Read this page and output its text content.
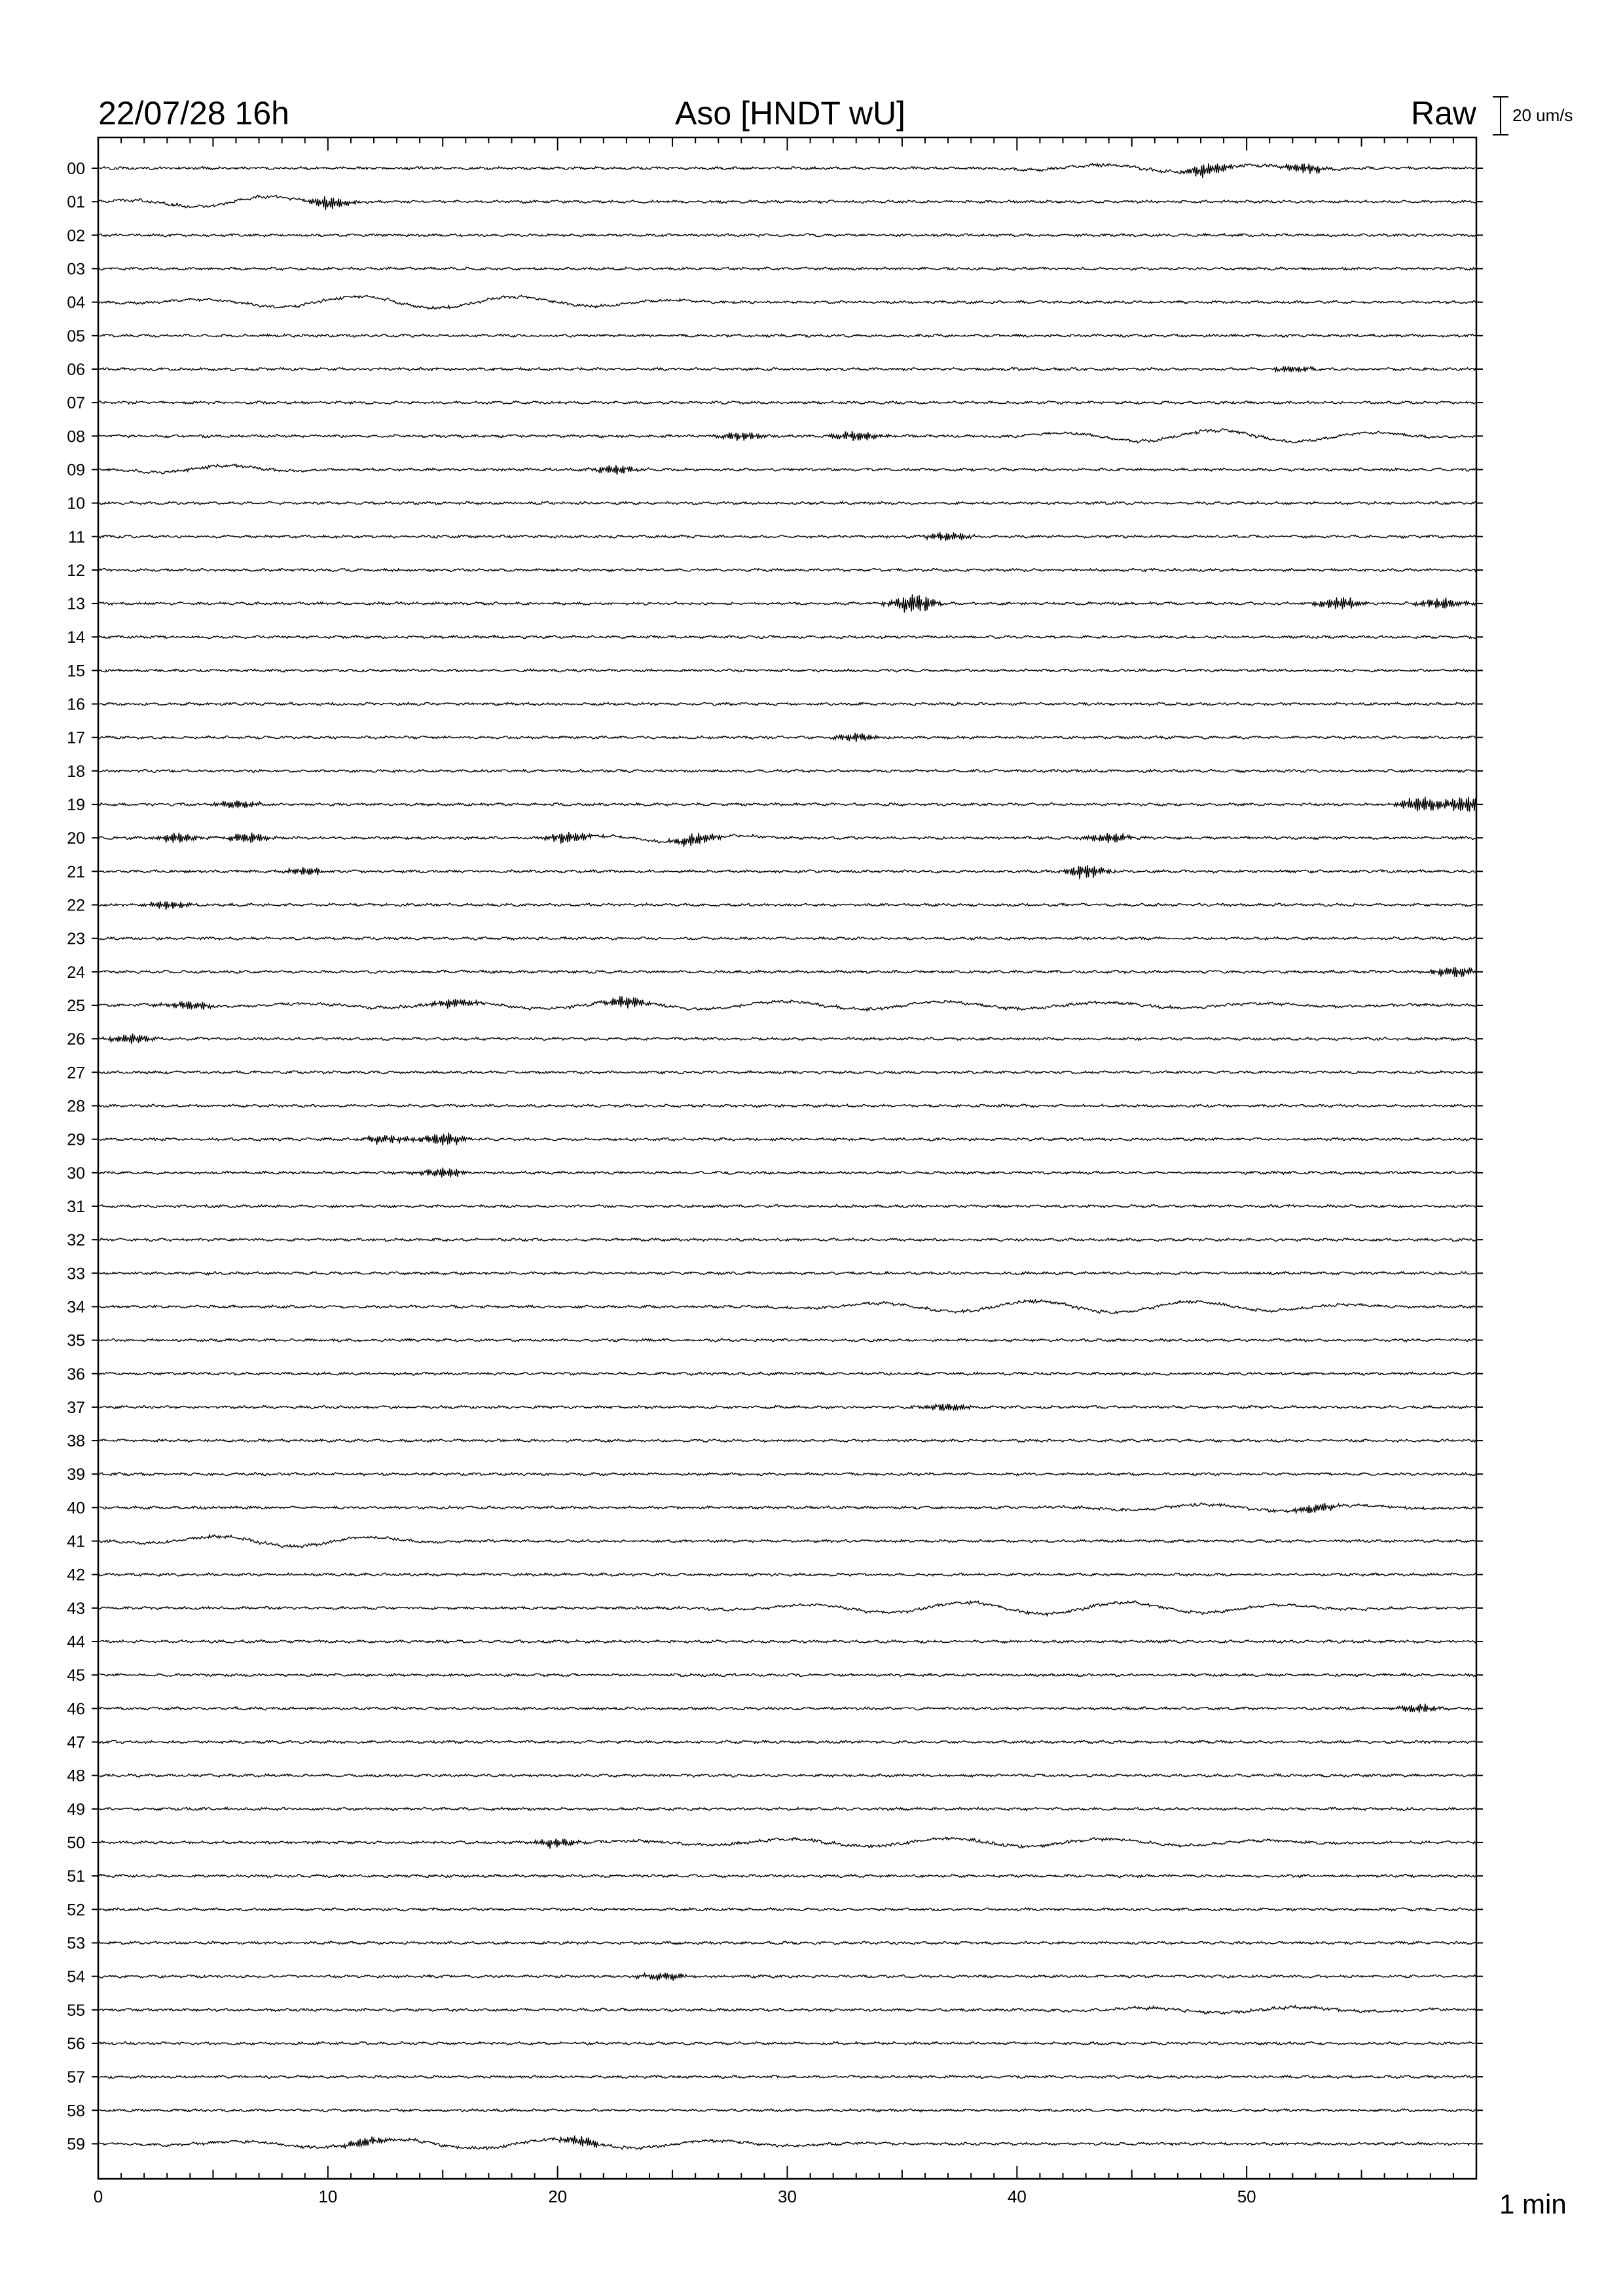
22/07/28 16h	Aso [HNDT wU]	Raw 20 um/s
0	10	20	30	40	50
00
01
02
03
04
05
06
07
08
09
10
11
12
13
14
15
16
17
18
19
20
21
22
23
24
25
26
27
28
29
30
31
32
33
34
35
36
37
38
39
40
41
42
43
44
45
46
47
48
49
50
51
52
53
54
55
56
57
58
59
1 min
